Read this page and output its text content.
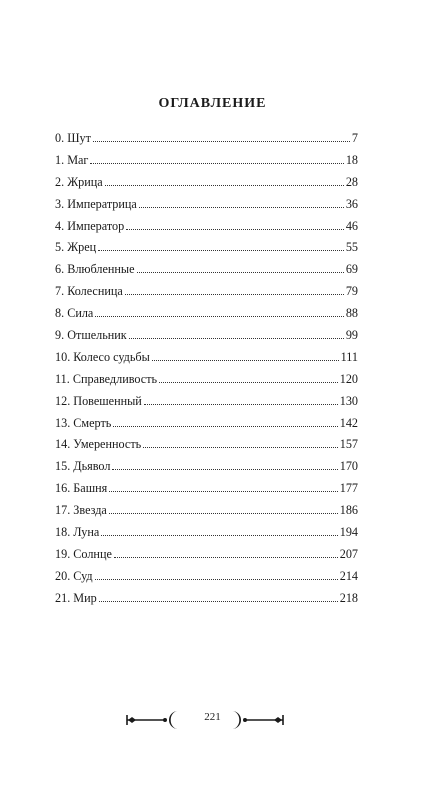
ОГЛАВЛЕНИЕ
0. Шут	7
1. Маг	18
2. Жрица	28
3. Императрица	36
4. Император	46
5. Жрец	55
6. Влюбленные	69
7. Колесница	79
8. Сила	88
9. Отшельник	99
10. Колесо судьбы	111
11. Справедливость	120
12. Повешенный	130
13. Смерть	142
14. Умеренность	157
15. Дьявол	170
16. Башня	177
17. Звезда	186
18. Луна	194
19. Солнце	207
20. Суд	214
21. Мир	218
221
